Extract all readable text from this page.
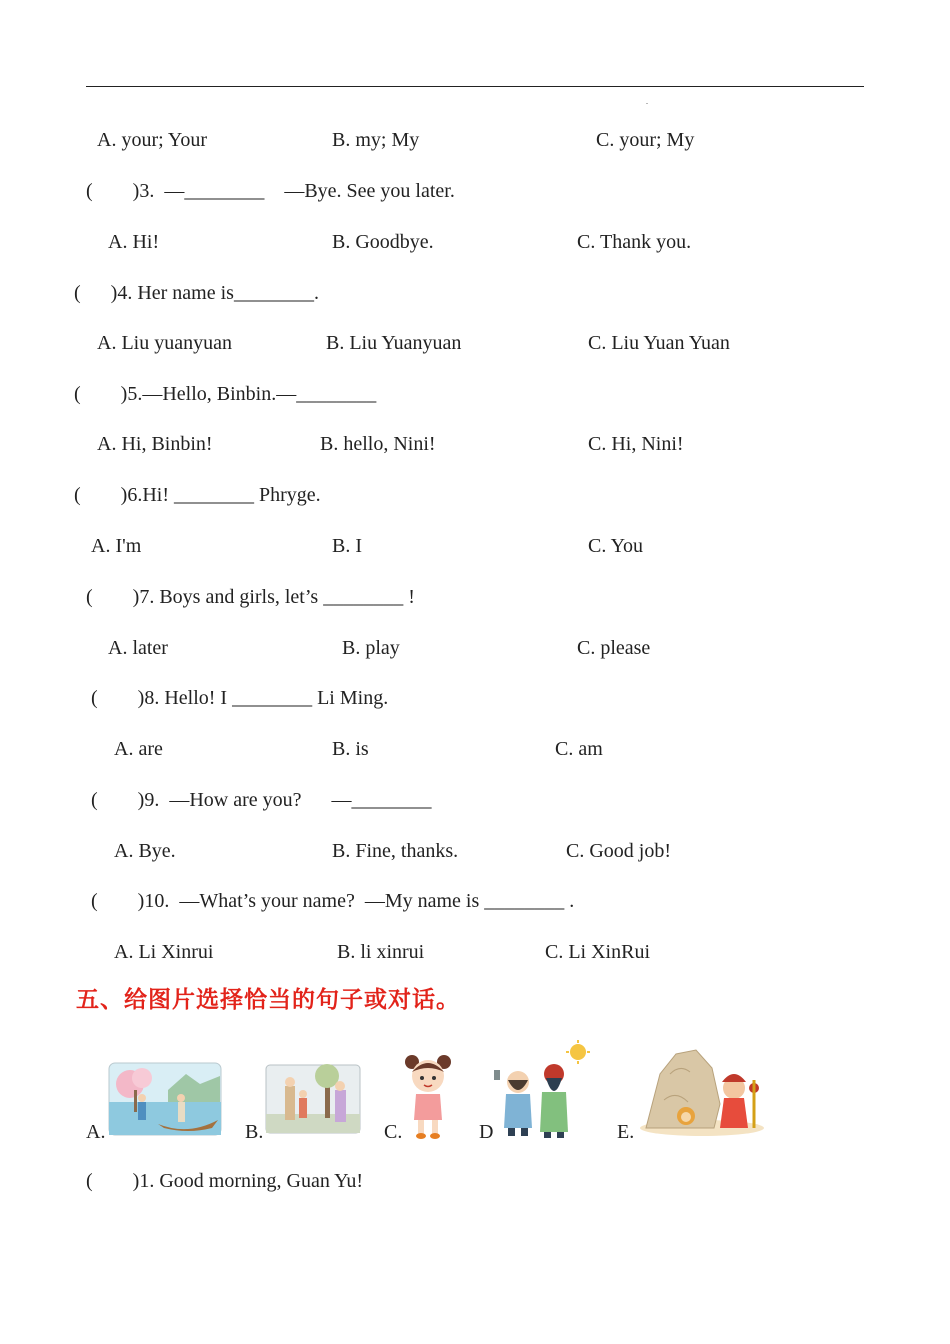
.
A. your; Your	B. my; My	C. your; My
(        )3.  —________    —Bye. See you later.
A. Hi!	B. Goodbye.	C. Thank you.
(      )4. Her name is________.
A. Liu yuanyuan	B. Liu Yuanyuan	C. Liu Yuan Yuan
(        )5.—Hello, Binbin.—________
A. Hi, Binbin!	B. hello, Nini!	C. Hi, Nini!
(        )6.Hi! ________ Phryge.
A. I'm	B. I	C. You
(        )7. Boys and girls, let’s ________ !
A. later	B. play	C. please
(        )8. Hello! I ________ Li Ming.
A. are	B. is	C. am
(        )9.  —How are you?      —________
A. Bye.	B. Fine, thanks.	C. Good job!
(        )10.  —What’s your name?  —My name is ________ .
A. Li Xinrui	B. li xinrui	C. Li XinRui
五、给图片选择恰当的句子或对话。
A.	B.	C.	D	E.
(        )1. Good morning, Guan Yu!
